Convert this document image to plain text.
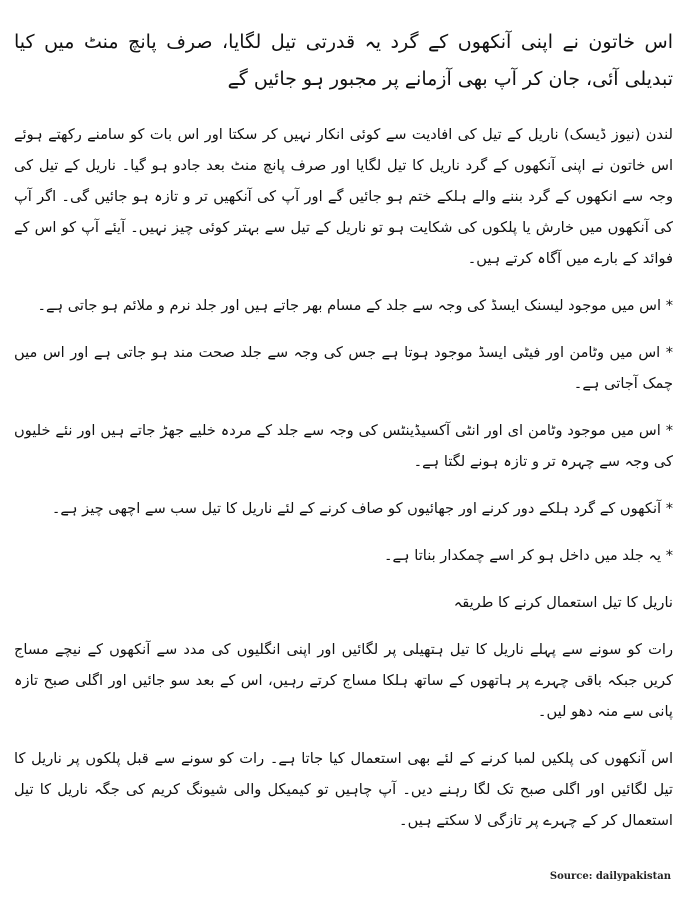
اس خاتون نے اپنی آنکھوں کے گرد یہ قدرتی تیل لگایا، صرف پانچ منٹ میں کیا تبدیلی آئی، جان کر آپ بھی آزمانے پر مجبور ہو جائیں گے

لندن (نیوز ڈیسک) ناریل کے تیل کی افادیت سے کوئی انکار نہیں کر سکتا اور اس بات کو سامنے رکھتے ہوئے اس خاتون نے اپنی آنکھوں کے گرد ناریل کا تیل لگایا اور صرف پانچ منٹ بعد جادو ہو گیا۔ ناریل کے تیل کی وجہ سے انکھوں کے گرد بننے والے ہلکے ختم ہو جائیں گے اور آپ کی آنکھیں تر و تازہ ہو جائیں گی۔ اگر آپ کی آنکھوں میں خارش یا پلکوں کی شکایت ہو تو ناریل کے تیل سے بہتر کوئی چیز نہیں۔ آیئے آپ کو اس کے فوائد کے بارے میں آگاہ کرتے ہیں۔

* اس میں موجود لیسنک ایسڈ کی وجہ سے جلد کے مسام بھر جاتے ہیں اور جلد نرم و ملائم ہو جاتی ہے۔

* اس میں وٹامن اور فیٹی ایسڈ موجود ہوتا ہے جس کی وجہ سے جلد صحت مند ہو جاتی ہے اور اس میں چمک آجاتی ہے۔

* اس میں موجود وٹامن ای اور انٹی آکسیڈینٹس کی وجہ سے جلد کے مردہ خلیے جھڑ جاتے ہیں اور نئے خلیوں کی وجہ سے چہرہ تر و تازہ ہونے لگتا ہے۔

* آنکھوں کے گرد ہلکے دور کرنے اور جھائیوں کو صاف کرنے کے لئے ناریل کا تیل سب سے اچھی چیز ہے۔

* یہ جلد میں داخل ہو کر اسے چمکدار بناتا ہے۔

ناریل کا تیل استعمال کرنے کا طریقہ

رات کو سونے سے پہلے ناریل کا تیل ہتھیلی پر لگائیں اور اپنی انگلیوں کی مدد سے آنکھوں کے نیچے مساج کریں جبکہ باقی چہرے پر ہاتھوں کے ساتھ ہلکا مساج کرتے رہیں، اس کے بعد سو جائیں اور اگلی صبح تازہ پانی سے منہ دھو لیں۔

اس آنکھوں کی پلکیں لمبا کرنے کے لئے بھی استعمال کیا جاتا ہے۔ رات کو سونے سے قبل پلکوں پر ناریل کا تیل لگائیں اور اگلی صبح تک لگا رہنے دیں۔ آپ چاہیں تو کیمیکل والی شیونگ کریم کی جگہ ناریل کا تیل استعمال کر کے چہرے پر تازگی لا سکتے ہیں۔

Source: dailypakistan
